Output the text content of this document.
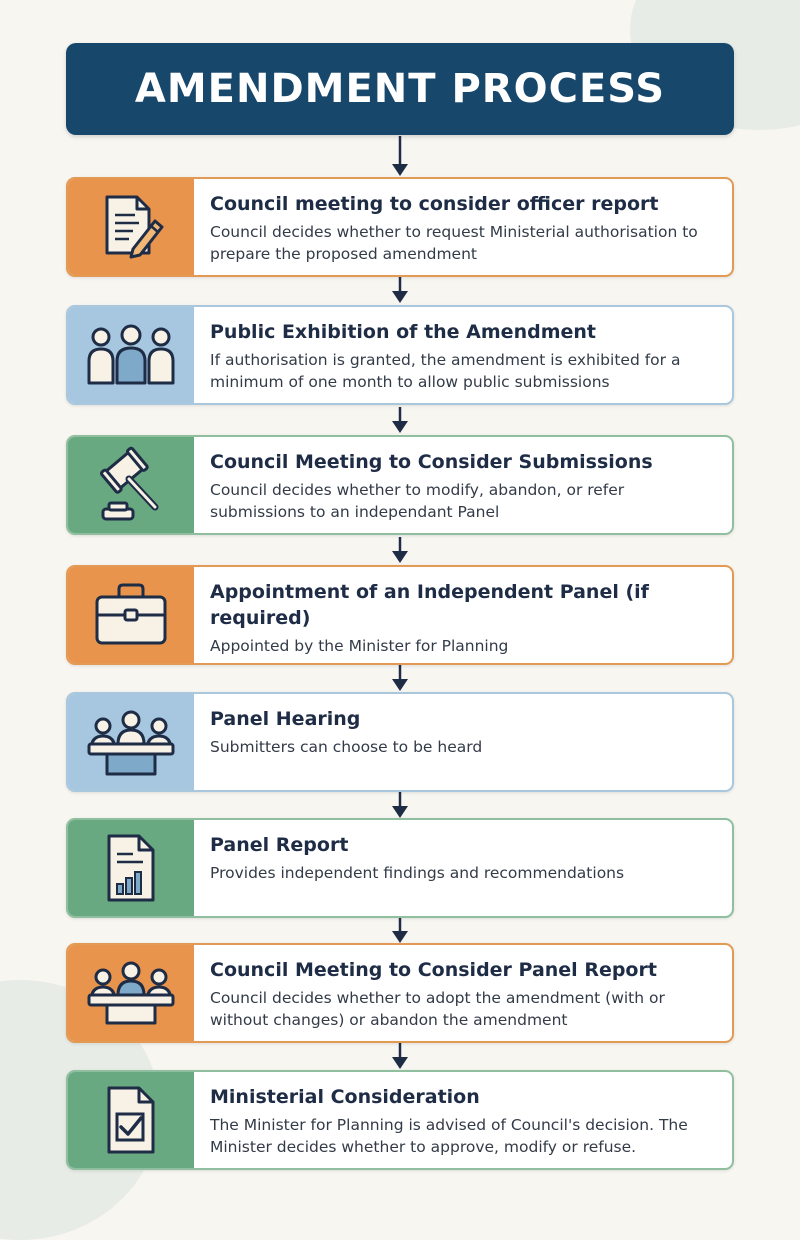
AMENDMENT PROCESS
Council meeting to consider officer report
Council decides whether to request Ministerial authorisation to prepare the proposed amendment
Public Exhibition of the Amendment
If authorisation is granted, the amendment is exhibited for a minimum of one month to allow public submissions
Council Meeting to Consider Submissions
Council decides whether to modify, abandon, or refer submissions to an independant Panel
Appointment of an Independent Panel (if required)
Appointed by the Minister for Planning
Panel Hearing
Submitters can choose to be heard
Panel Report
Provides independent findings and recommendations
Council Meeting to Consider Panel Report
Council decides whether to adopt the amendment (with or without changes) or abandon the amendment
Ministerial Consideration
The Minister for Planning is advised of Council's decision. The Minister decides whether to approve, modify or refuse.
